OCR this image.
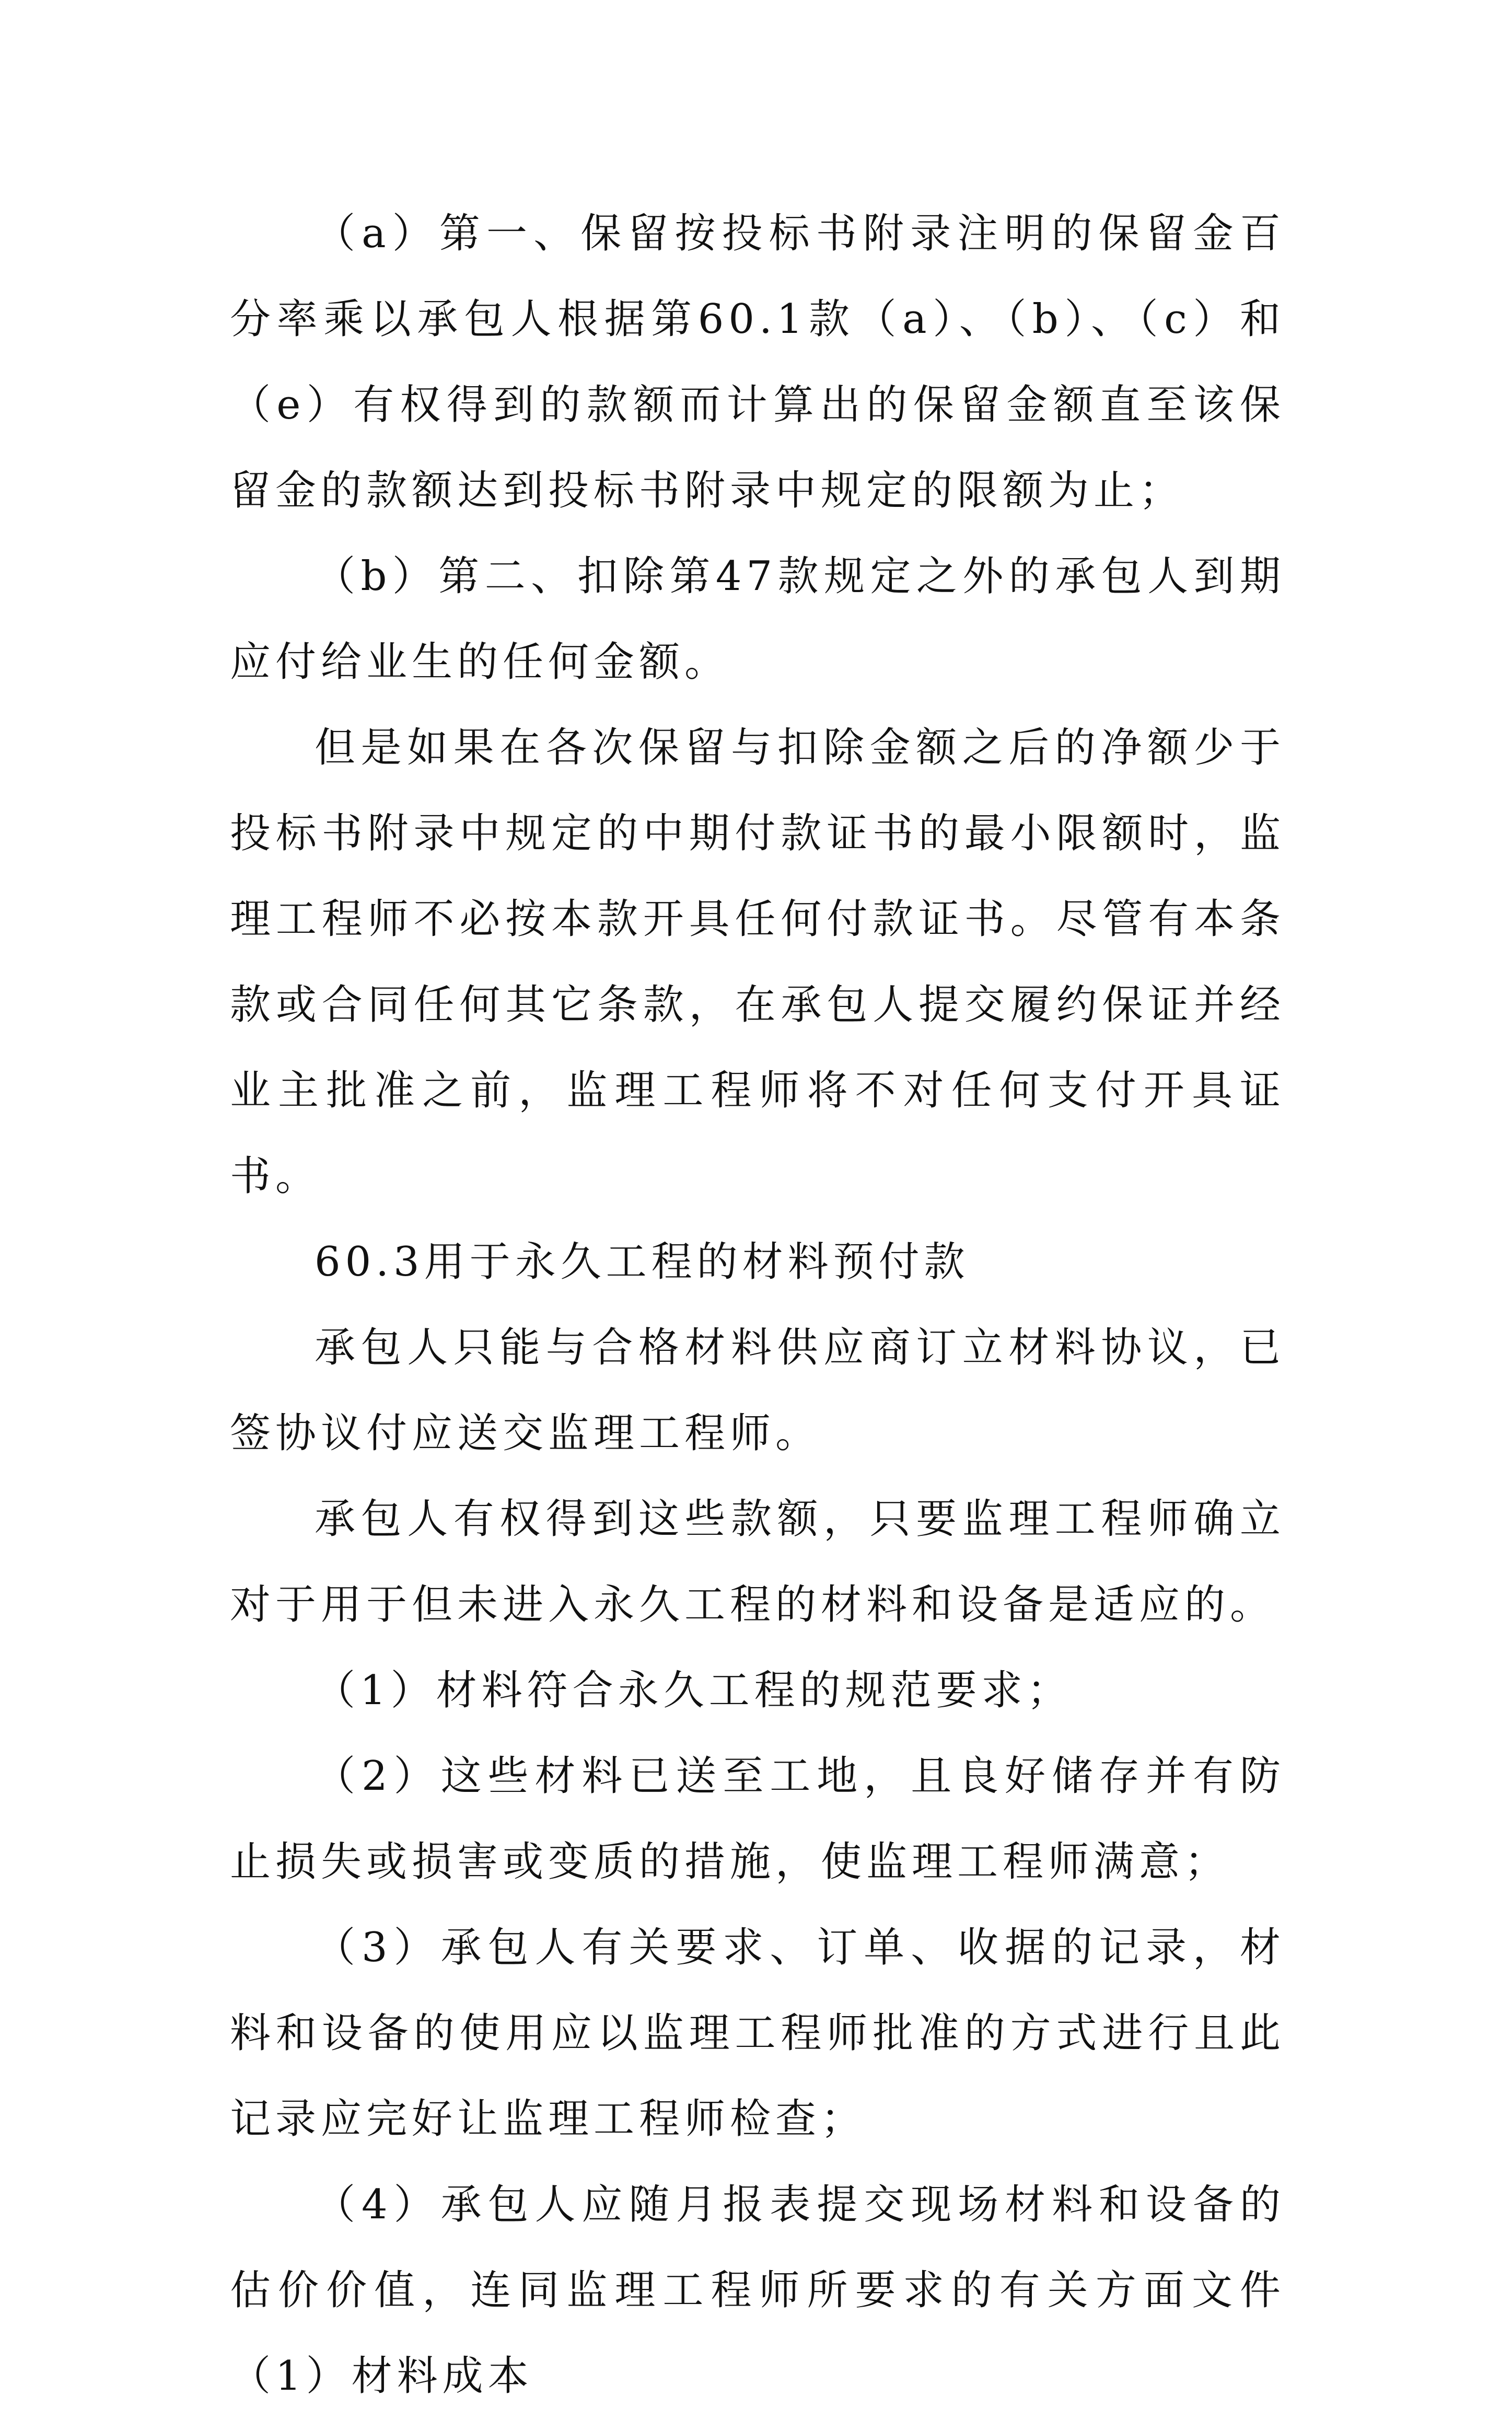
（a）第一、保留按投标书附录注明的保留金百分率乘以承包人根据第60.1款（a）、（b）、（c）和（e）有权得到的款额而计算出的保留金额直至该保留金的款额达到投标书附录中规定的限额为止；

（b）第二、扣除第47款规定之外的承包人到期应付给业生的任何金额。

但是如果在各次保留与扣除金额之后的净额少于投标书附录中规定的中期付款证书的最小限额时，监理工程师不必按本款开具任何付款证书。尽管有本条款或合同任何其它条款，在承包人提交履约保证并经业主批准之前，监理工程师将不对任何支付开具证书。

60.3用于永久工程的材料预付款

承包人只能与合格材料供应商订立材料协议，已签协议付应送交监理工程师。

承包人有权得到这些款额，只要监理工程师确立对于用于但未进入永久工程的材料和设备是适应的。

（1）材料符合永久工程的规范要求；

（2）这些材料已送至工地，且良好储存并有防止损失或损害或变质的措施，使监理工程师满意；

（3）承包人有关要求、订单、收据的记录，材料和设备的使用应以监理工程师批准的方式进行且此记录应完好让监理工程师检查；

（4）承包人应随月报表提交现场材料和设备的估价价值，连同监理工程师所要求的有关方面文件（1）材料成本
